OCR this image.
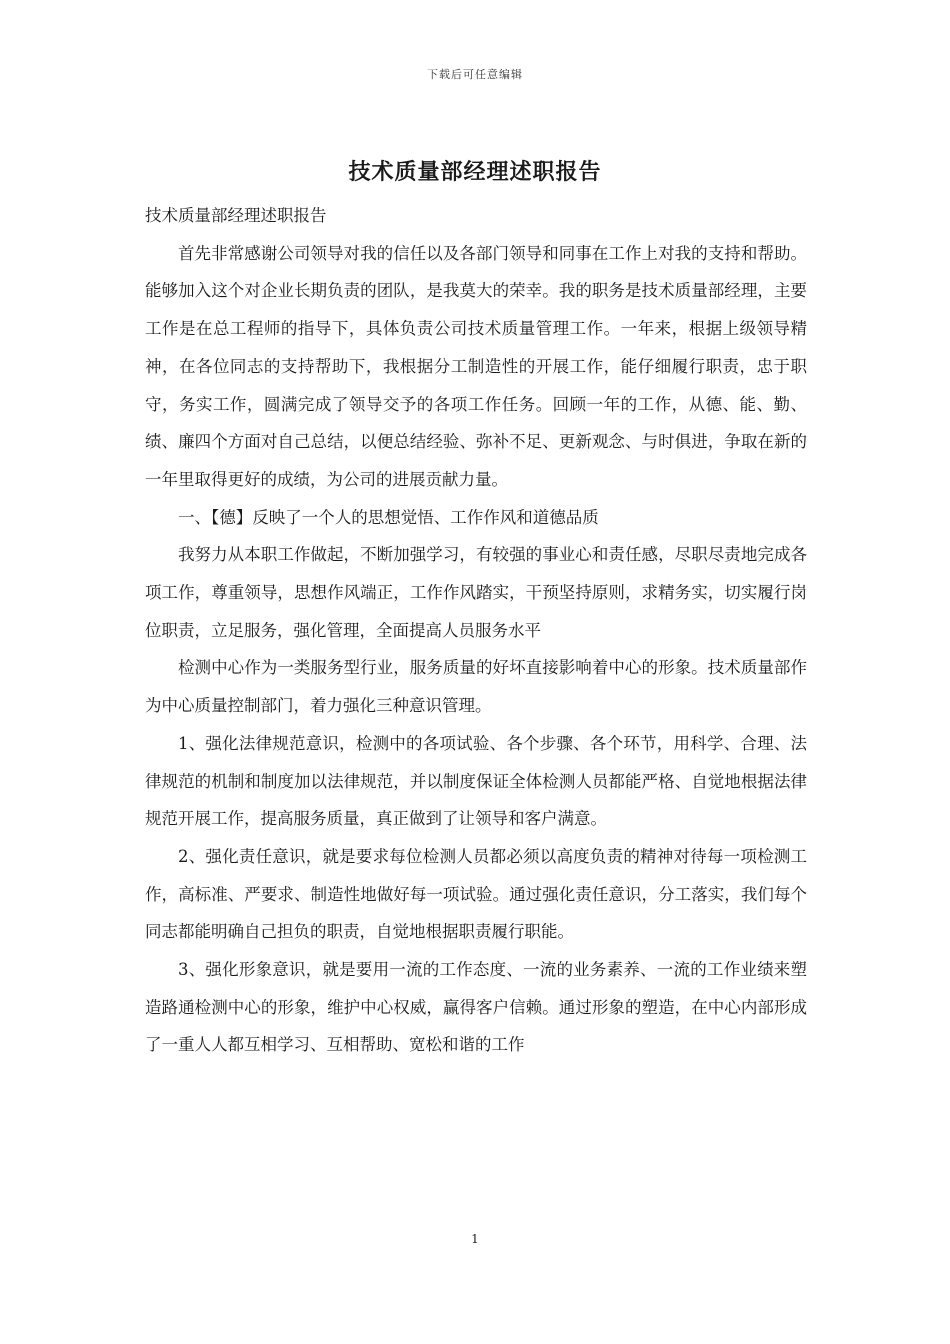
下载后可任意编辑
技术质量部经理述职报告

技术质量部经理述职报告

首先非常感谢公司领导对我的信任以及各部门领导和同事在工作上对我的支持和帮助。能够加入这个对企业长期负责的团队，是我莫大的荣幸。我的职务是技术质量部经理，主要工作是在总工程师的指导下，具体负责公司技术质量管理工作。一年来，根据上级领导精神，在各位同志的支持帮助下，我根据分工制造性的开展工作，能仔细履行职责，忠于职守，务实工作，圆满完成了领导交予的各项工作任务。回顾一年的工作，从德、能、勤、绩、廉四个方面对自己总结，以便总结经验、弥补不足、更新观念、与时俱进，争取在新的一年里取得更好的成绩，为公司的进展贡献力量。

一、【德】反映了一个人的思想觉悟、工作作风和道德品质

我努力从本职工作做起，不断加强学习，有较强的事业心和责任感，尽职尽责地完成各项工作，尊重领导，思想作风端正，工作作风踏实，干预坚持原则，求精务实，切实履行岗位职责，立足服务，强化管理，全面提高人员服务水平

检测中心作为一类服务型行业，服务质量的好坏直接影响着中心的形象。技术质量部作为中心质量控制部门，着力强化三种意识管理。

1、强化法律规范意识，检测中的各项试验、各个步骤、各个环节，用科学、合理、法律规范的机制和制度加以法律规范，并以制度保证全体检测人员都能严格、自觉地根据法律规范开展工作，提高服务质量，真正做到了让领导和客户满意。

2、强化责任意识，就是要求每位检测人员都必须以高度负责的精神对待每一项检测工作，高标准、严要求、制造性地做好每一项试验。通过强化责任意识，分工落实，我们每个同志都能明确自己担负的职责，自觉地根据职责履行职能。

3、强化形象意识，就是要用一流的工作态度、一流的业务素养、一流的工作业绩来塑造路通检测中心的形象，维护中心权威，赢得客户信赖。通过形象的塑造，在中心内部形成了一重人人都互相学习、互相帮助、宽松和谐的工作

1
